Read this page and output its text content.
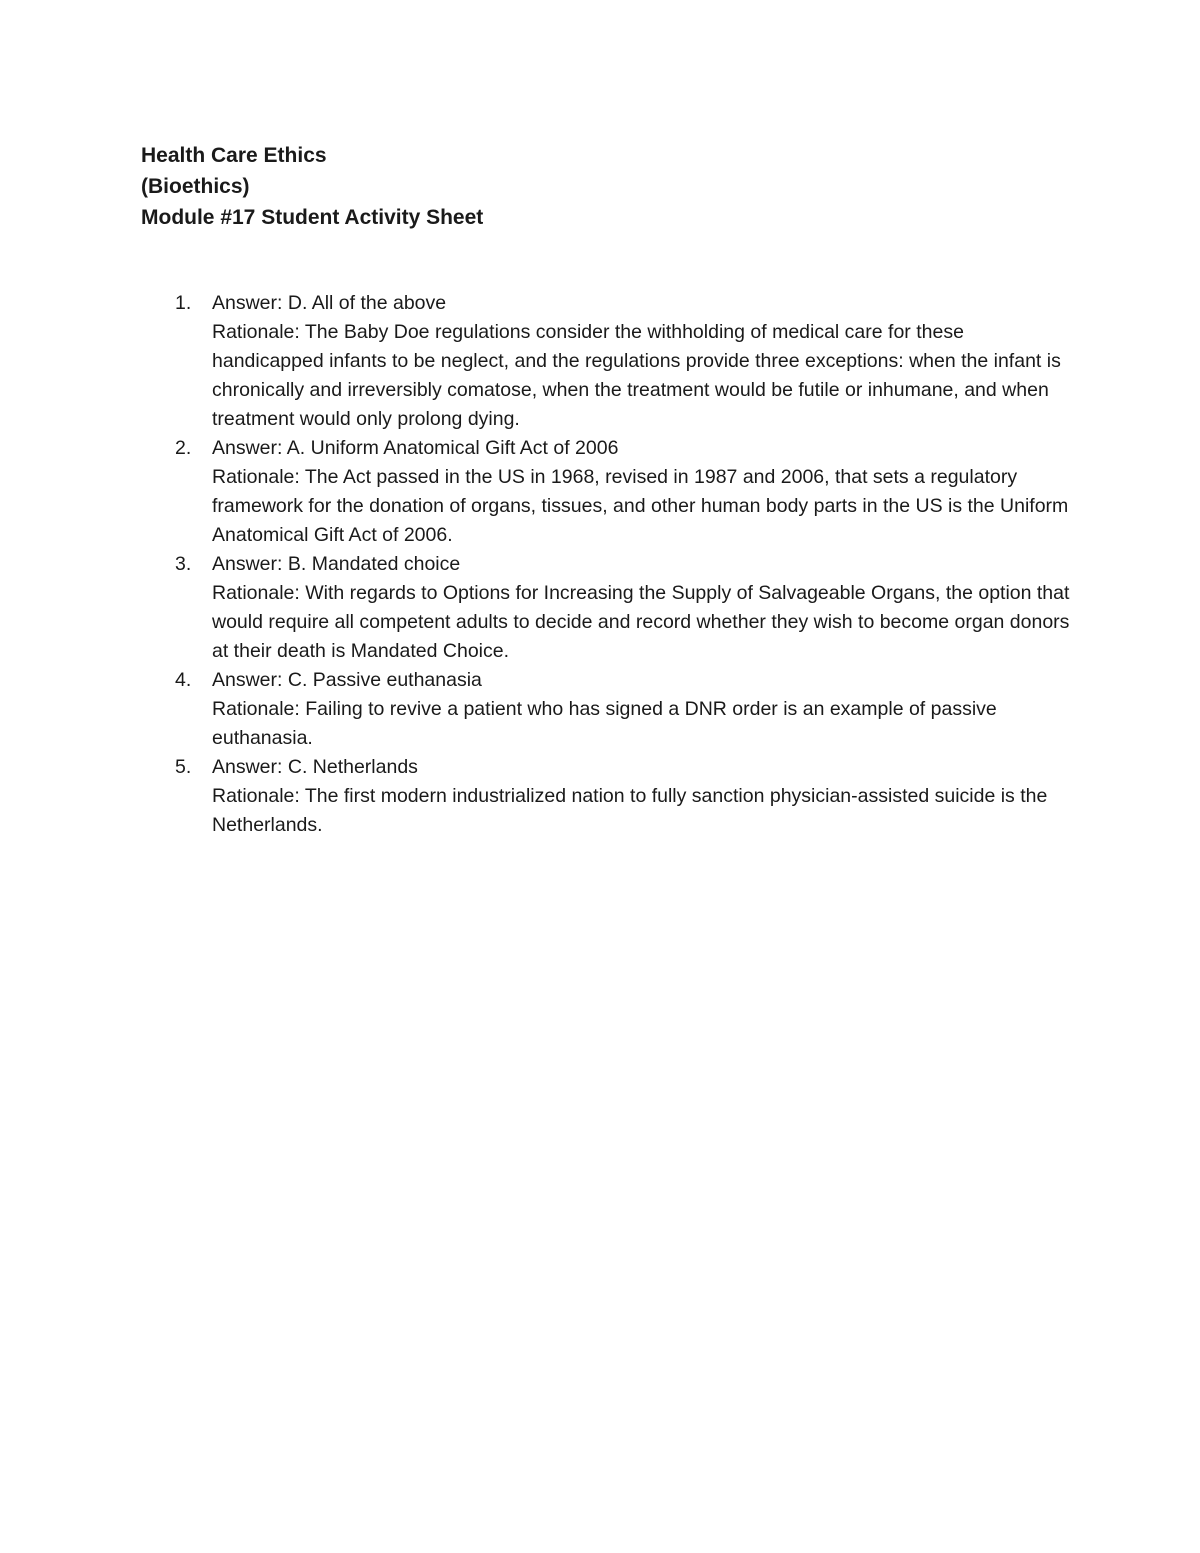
Health Care Ethics
(Bioethics)
Module #17 Student Activity Sheet
1. Answer: D. All of the above
Rationale: The Baby Doe regulations consider the withholding of medical care for these handicapped infants to be neglect, and the regulations provide three exceptions: when the infant is chronically and irreversibly comatose, when the treatment would be futile or inhumane, and when treatment would only prolong dying.
2. Answer: A. Uniform Anatomical Gift Act of 2006
Rationale: The Act passed in the US in 1968, revised in 1987 and 2006, that sets a regulatory framework for the donation of organs, tissues, and other human body parts in the US is the Uniform Anatomical Gift Act of 2006.
3. Answer: B. Mandated choice
Rationale: With regards to Options for Increasing the Supply of Salvageable Organs, the option that would require all competent adults to decide and record whether they wish to become organ donors at their death is Mandated Choice.
4. Answer: C. Passive euthanasia
Rationale: Failing to revive a patient who has signed a DNR order is an example of passive euthanasia.
5. Answer: C. Netherlands
Rationale: The first modern industrialized nation to fully sanction physician-assisted suicide is the Netherlands.
